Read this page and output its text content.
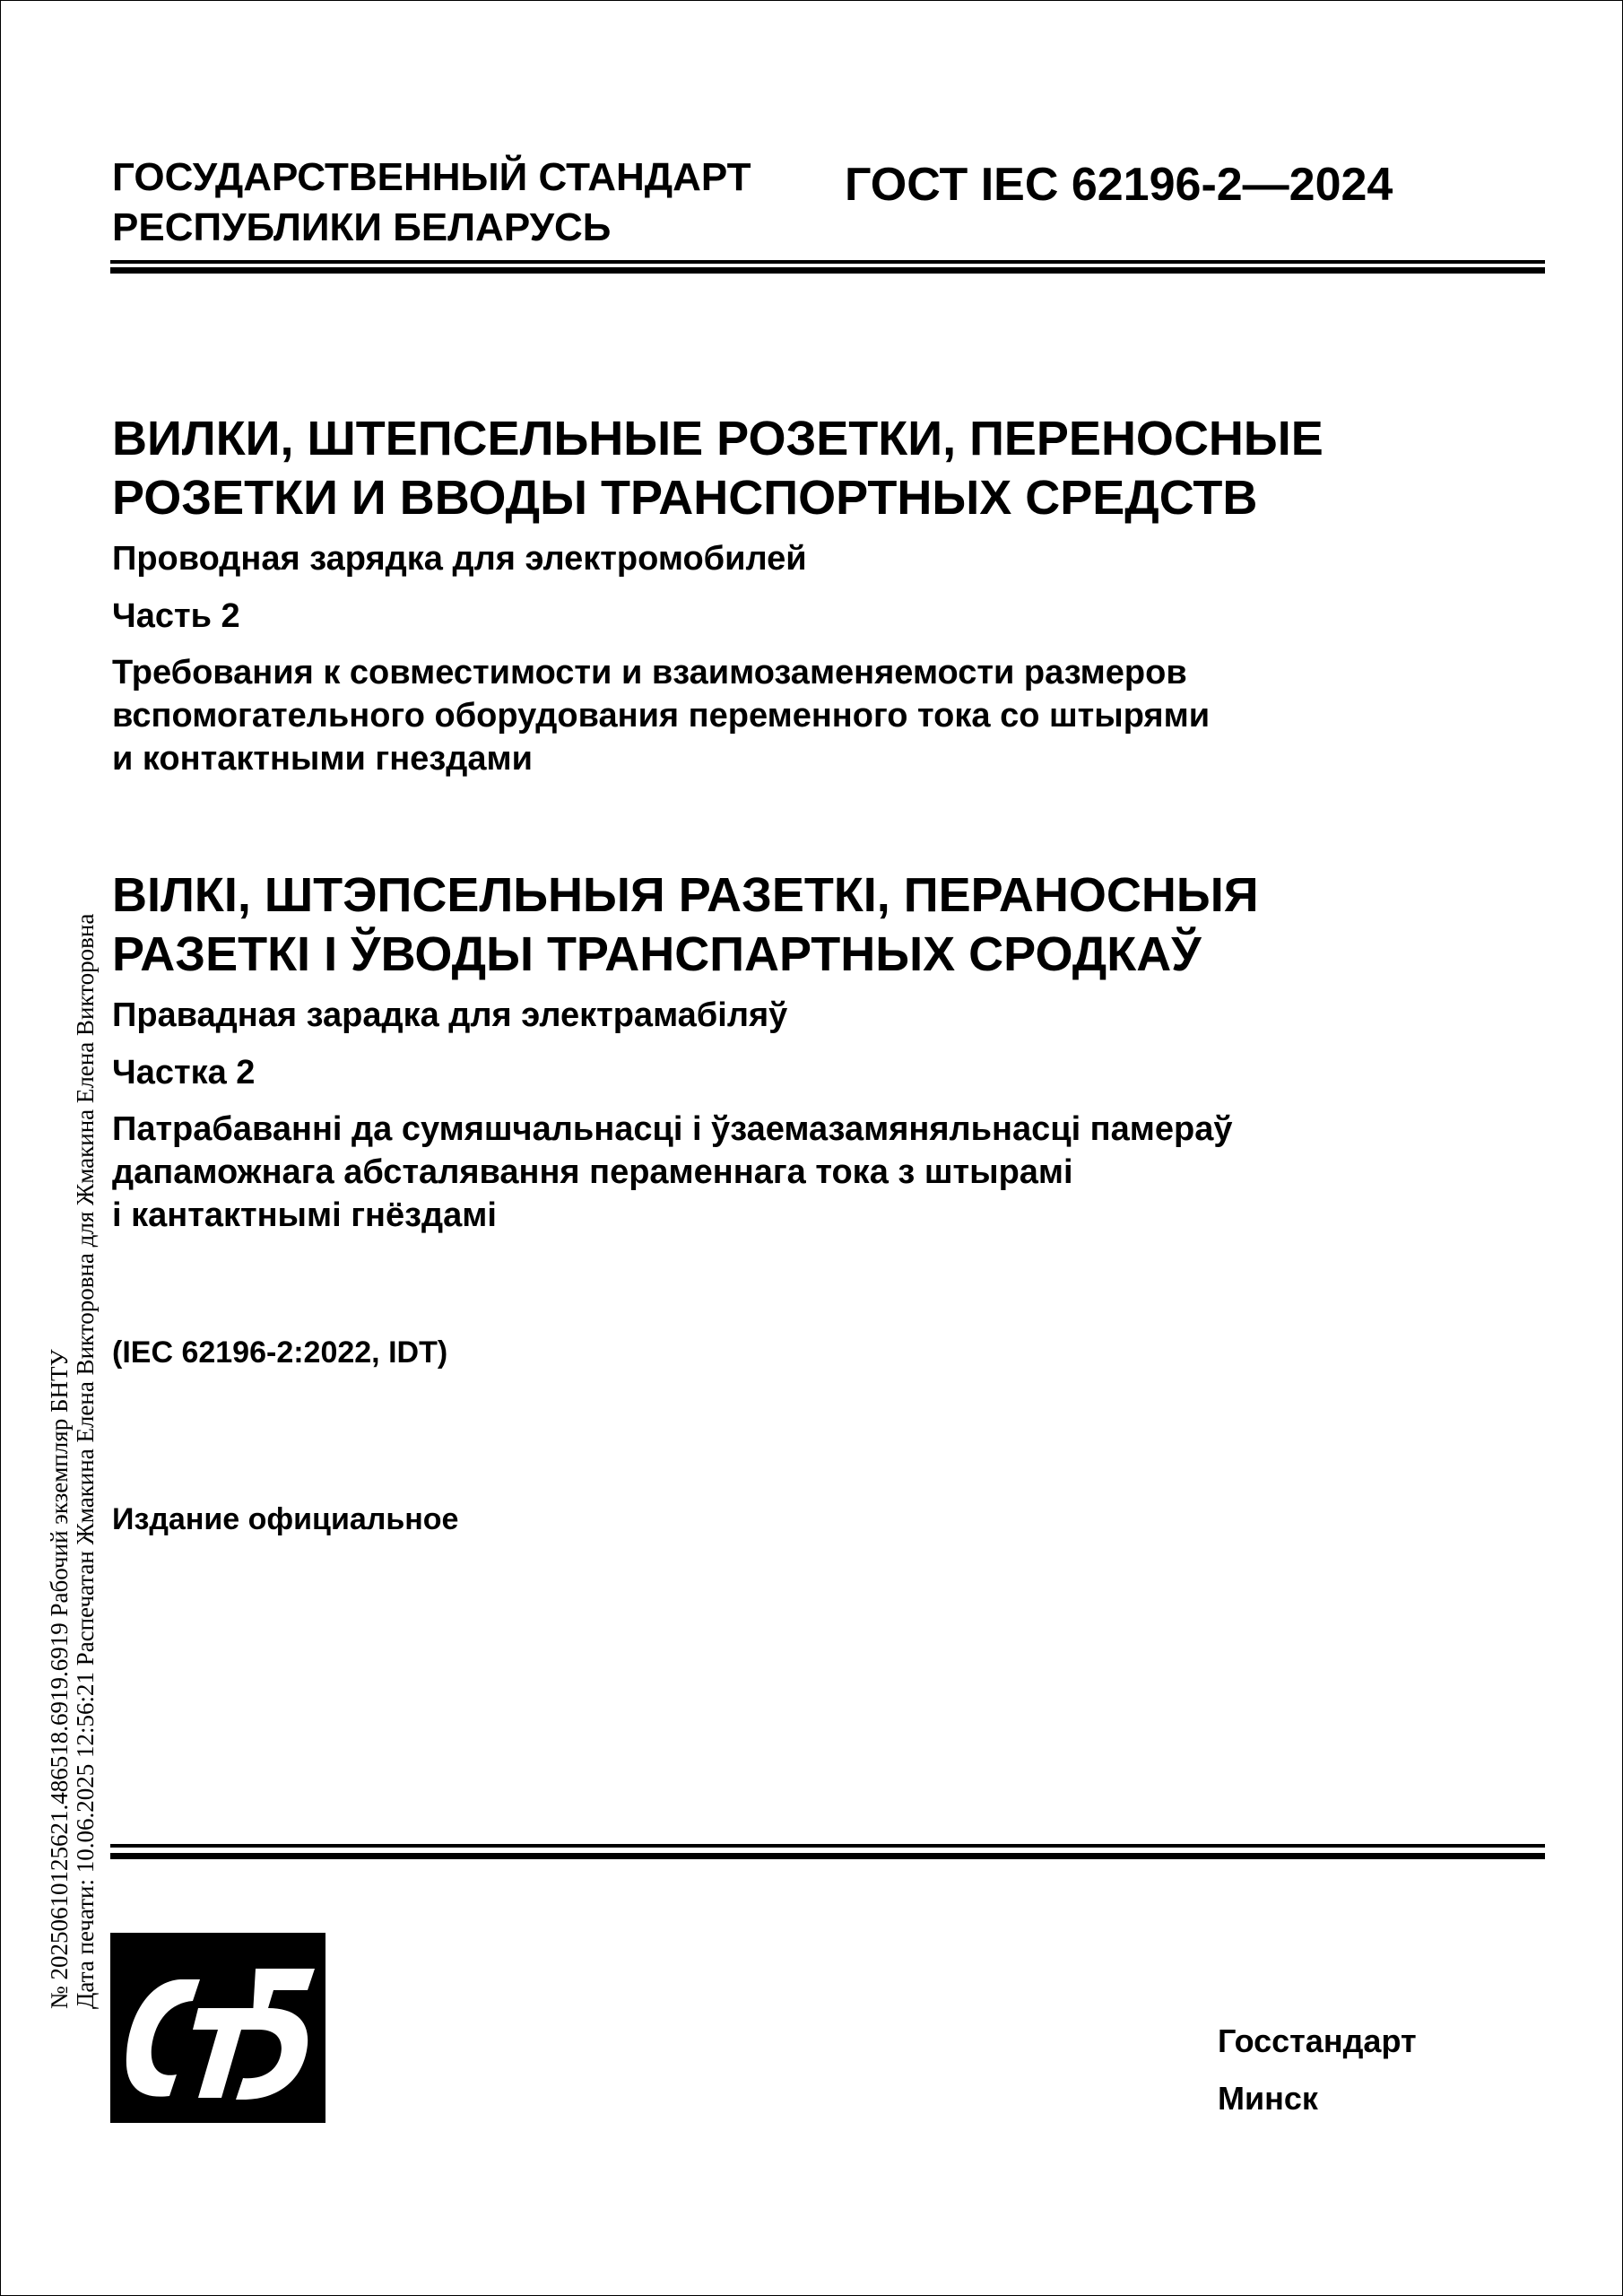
ГОСУДАРСТВЕННЫЙ СТАНДАРТ
РЕСПУБЛИКИ БЕЛАРУСЬ
ГОСТ IEC 62196-2—2024
ВИЛКИ, ШТЕПСЕЛЬНЫЕ РОЗЕТКИ, ПЕРЕНОСНЫЕ
РОЗЕТКИ И ВВОДЫ ТРАНСПОРТНЫХ СРЕДСТВ
Проводная зарядка для электромобилей
Часть 2
Требования к совместимости и взаимозаменяемости размеров
вспомогательного оборудования переменного тока со штырями
и контактными гнездами
ВІЛКІ, ШТЭПСЕЛЬНЫЯ РАЗЕТКІ, ПЕРАНОСНЫЯ
РАЗЕТКІ І ЎВОДЫ ТРАНСПАРТНЫХ СРОДКАЎ
Правадная зарадка для электрамабіляў
Частка 2
Патрабаванні да сумяшчальнасці і ўзаемазамяняльнасці памераў
дапаможнага абсталявання пераменнага тока з штырамі
і кантактнымі гнёздамі
(IEC 62196-2:2022, IDT)
Издание официальное
№ 20250610125621.486518.6919.6919 Рабочий экземпляр БНТУ Дата печати: 10.06.2025 12:56:21 Распечатан Жмакина Елена Викторовна для Жмакина Елена Викторовна
Госстандарт
Минск
